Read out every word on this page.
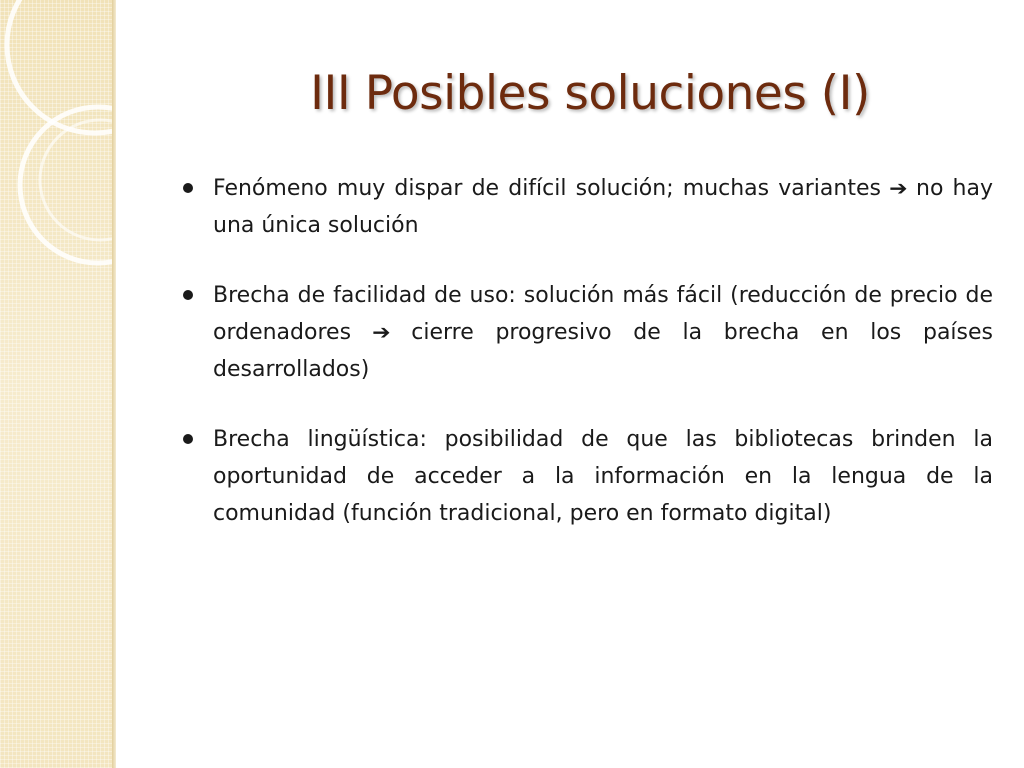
III Posibles soluciones (I)
Fenómeno muy dispar de difícil solución; muchas variantes ➔ no hay una única solución
Brecha de facilidad de uso: solución más fácil (reducción de precio de ordenadores ➔ cierre progresivo de la brecha en los países desarrollados)
Brecha lingüística: posibilidad de que las bibliotecas brinden la oportunidad de acceder a la información en la lengua de la comunidad (función tradicional, pero en formato digital)
